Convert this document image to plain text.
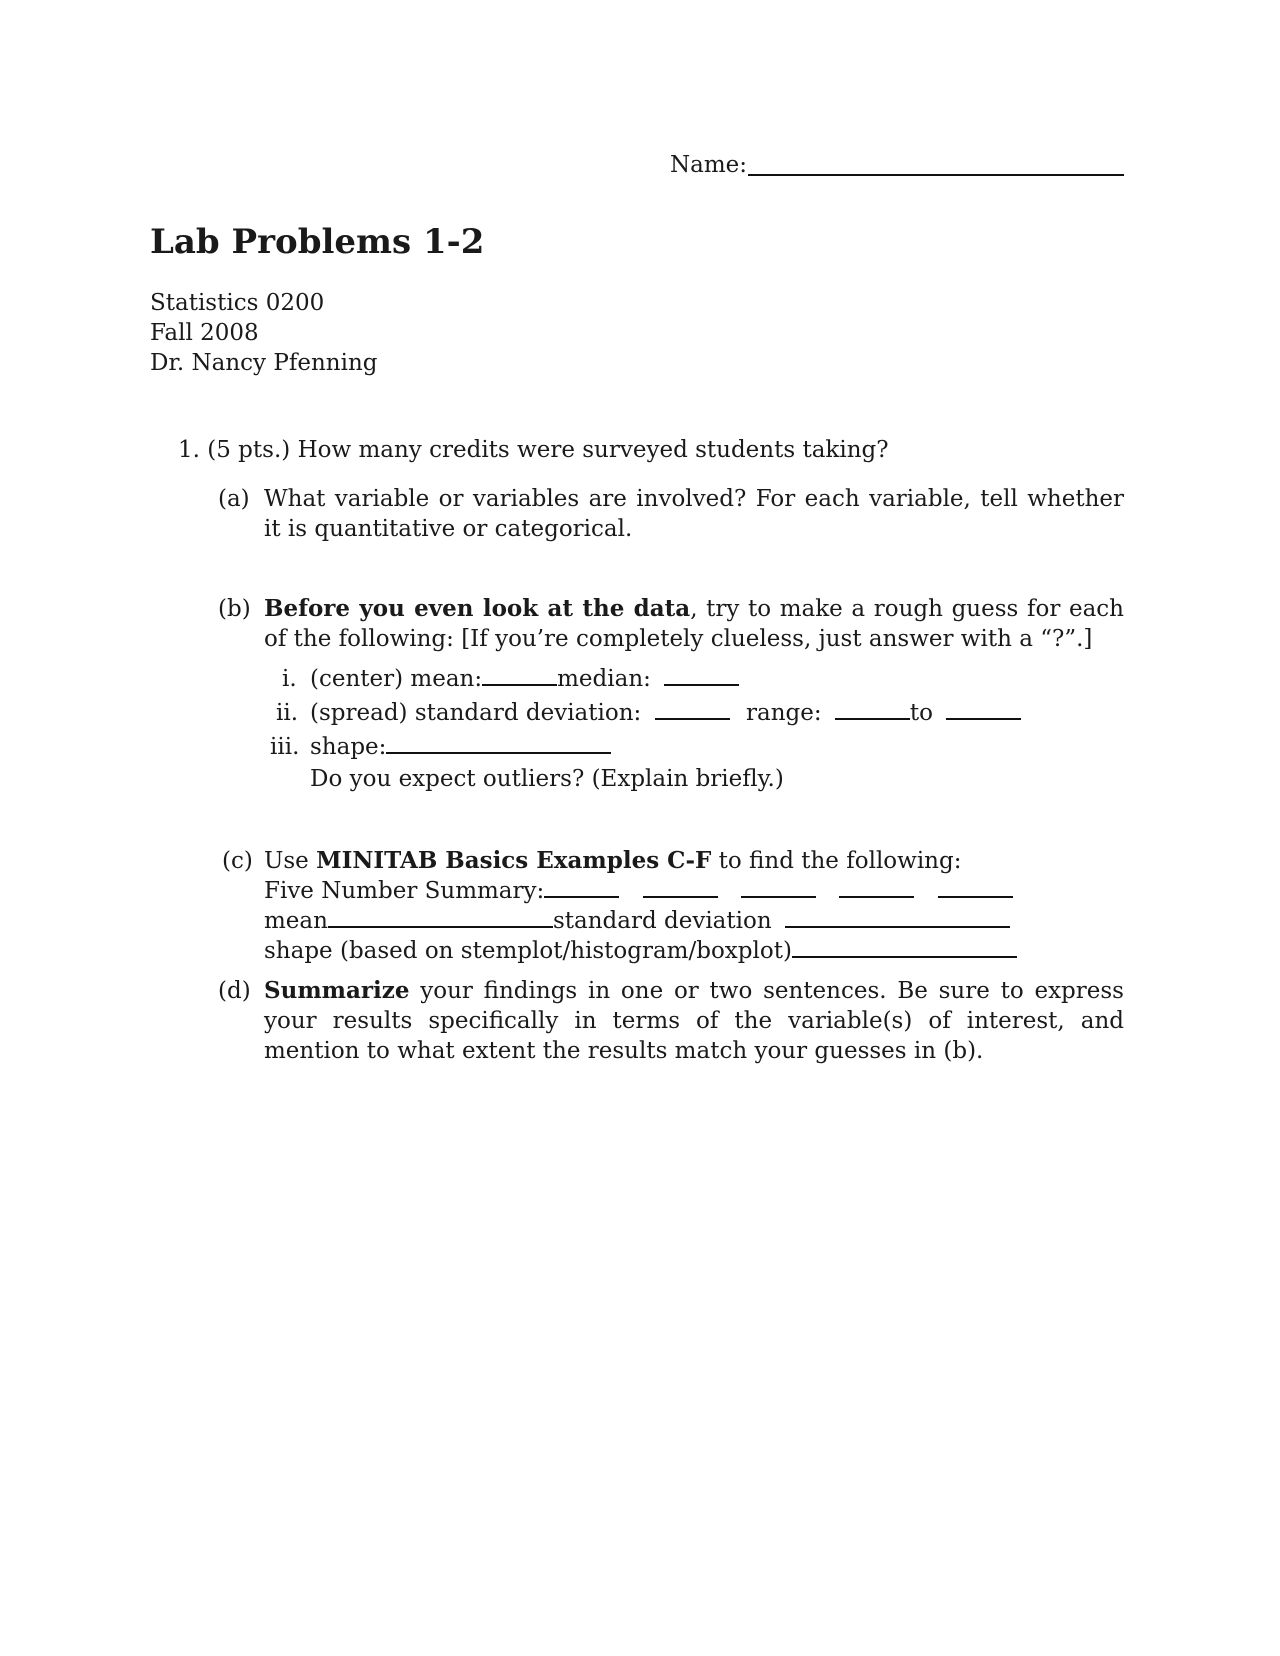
Name:
Lab Problems 1-2
Statistics 0200
Fall 2008
Dr. Nancy Pfenning
1. (5 pts.) How many credits were surveyed students taking?
(a) What variable or variables are involved? For each variable, tell whether it is quantitative or categorical.
(b) Before you even look at the data, try to make a rough guess for each of the following: [If you’re completely clueless, just answer with a “?”.]
i. (center) mean:	median:
ii. (spread) standard deviation:	range:	to
iii. shape:
Do you expect outliers? (Explain briefly.)
(c) Use MINITAB Basics Examples C-F to find the following:
Five Number Summary:
mean	standard deviation
shape (based on stemplot/histogram/boxplot)
(d) Summarize your findings in one or two sentences. Be sure to express your results specifically in terms of the variable(s) of interest, and mention to what extent the results match your guesses in (b).
